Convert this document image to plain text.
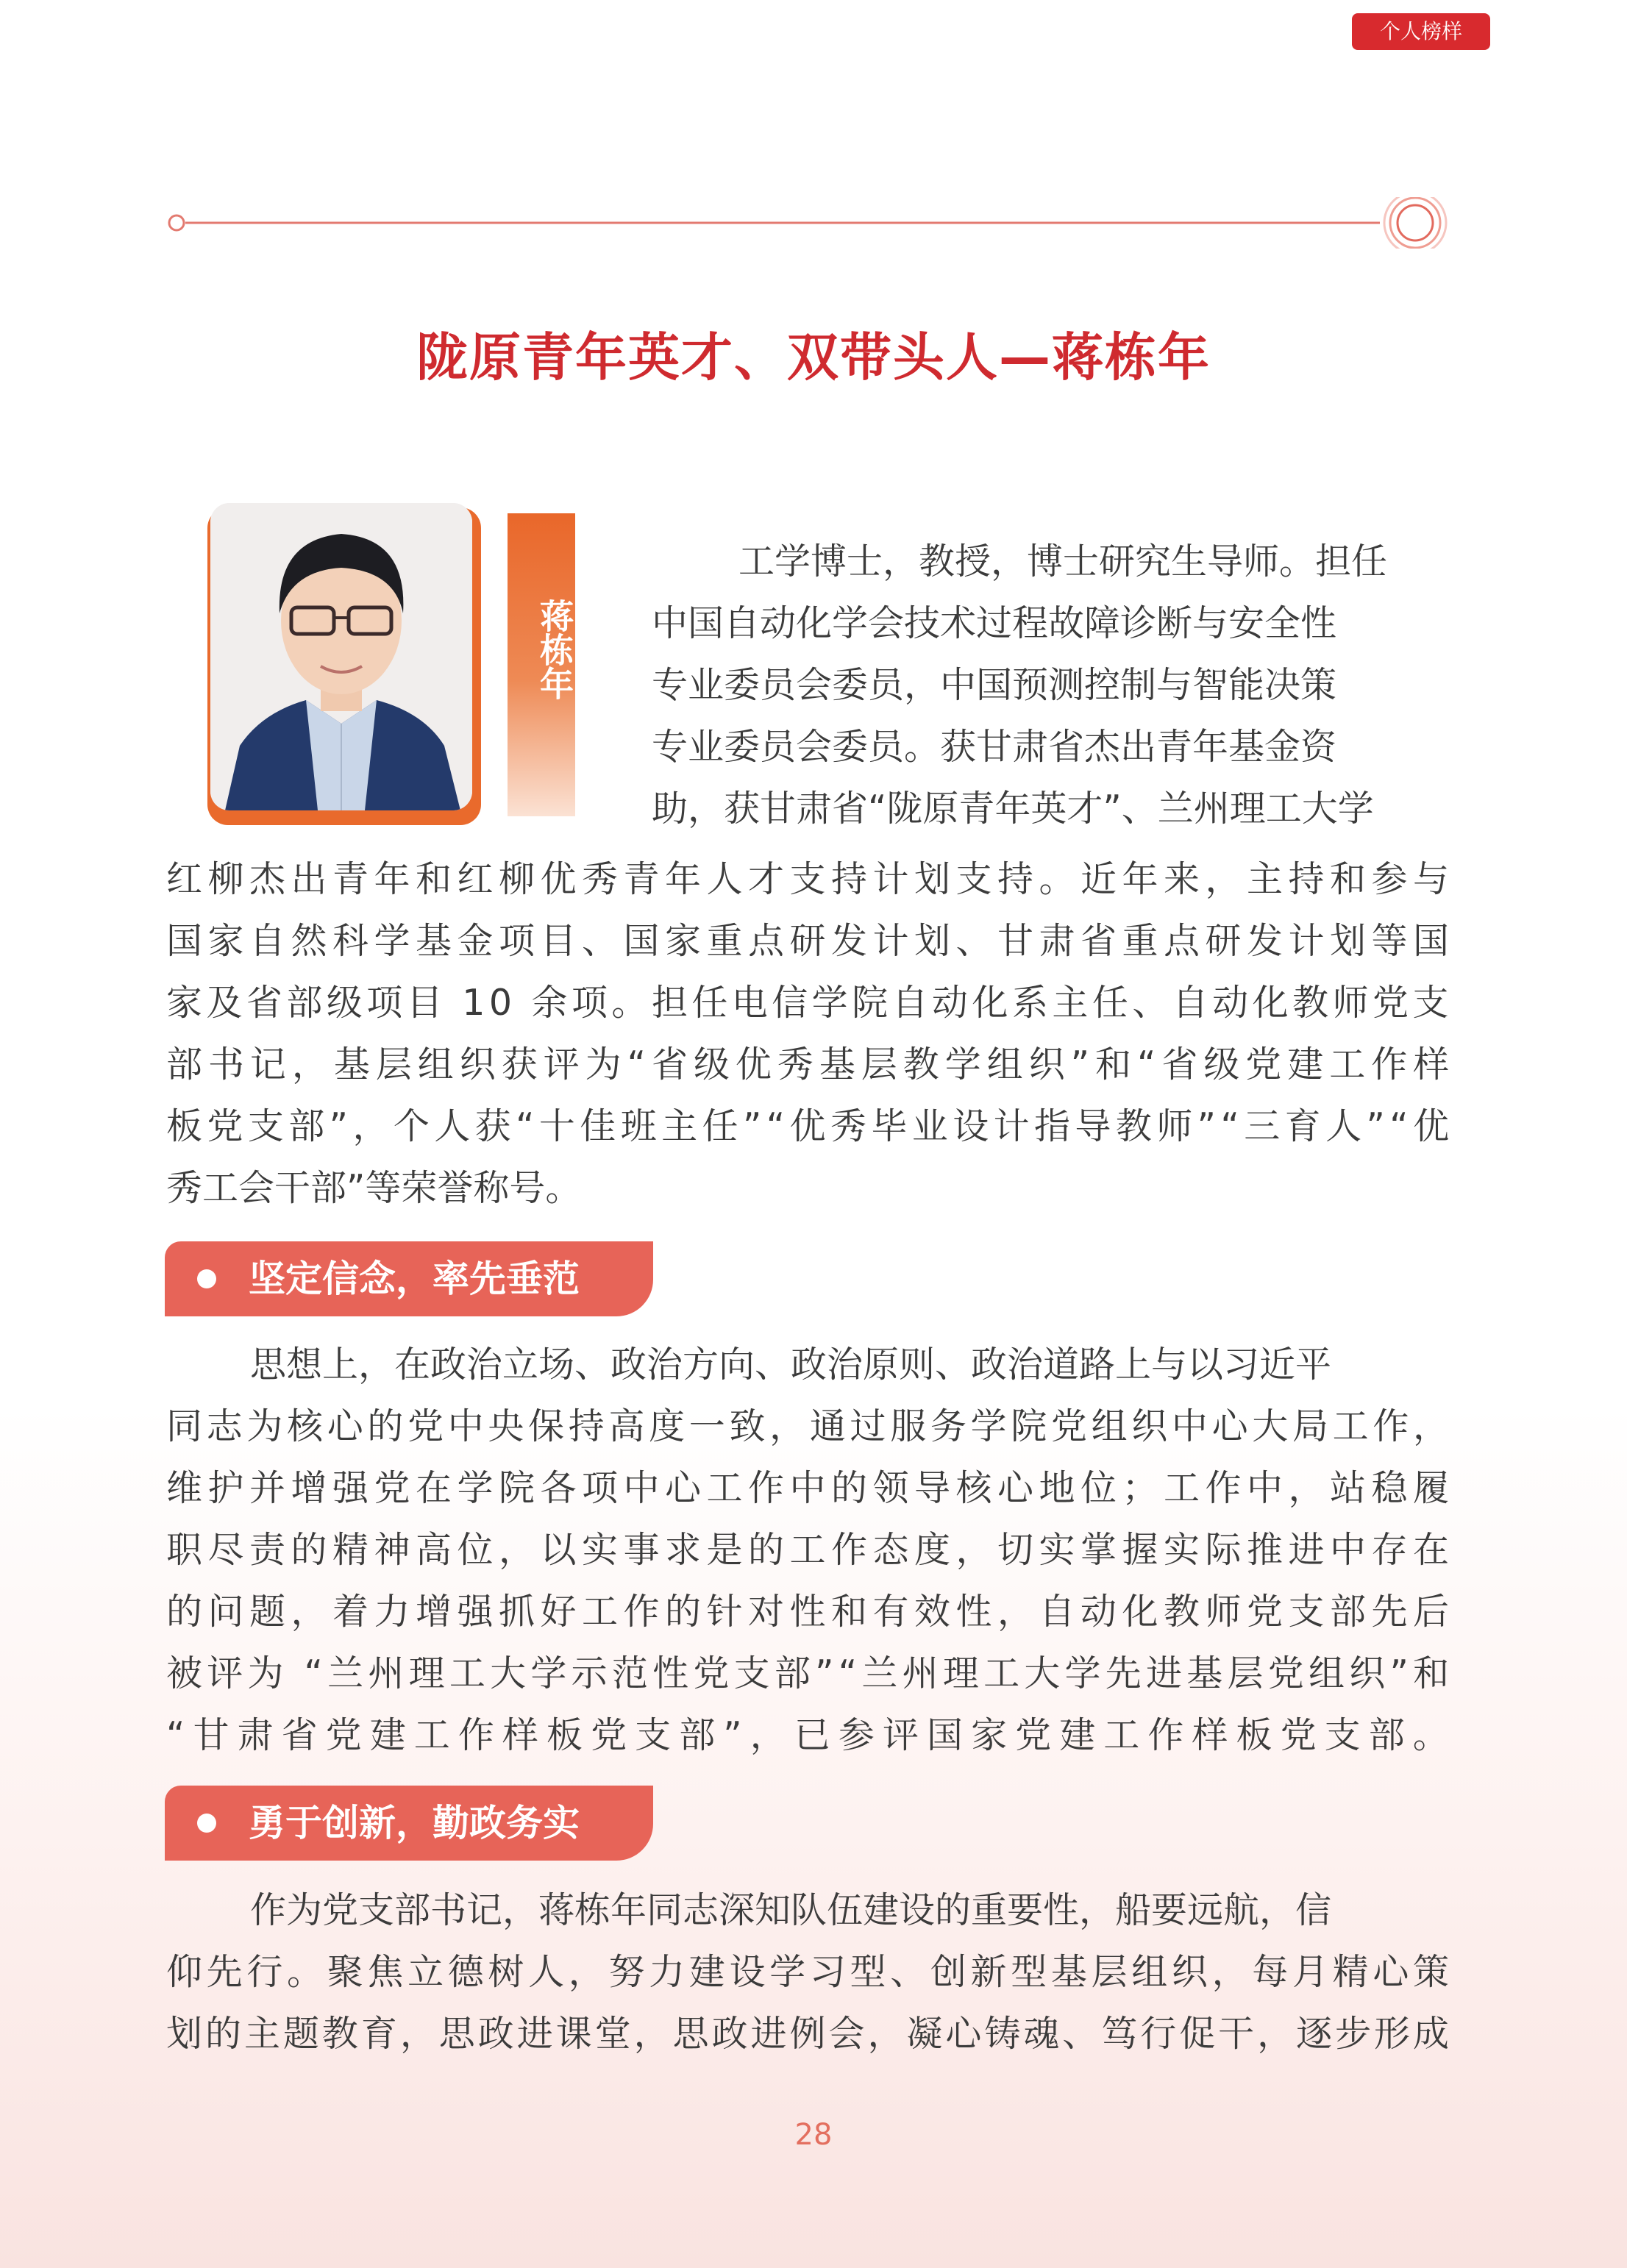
个人榜样
陇原青年英才、双带头人—蒋栋年
蒋栋年
工学博士，教授，博士研究生导师。担任
中国自动化学会技术过程故障诊断与安全性
专业委员会委员，中国预测控制与智能决策
专业委员会委员。获甘肃省杰出青年基金资
助，获甘肃省“陇原青年英才”、兰州理工大学
红柳杰出青年和红柳优秀青年人才支持计划支持。近年来，主持和参与
国家自然科学基金项目、国家重点研发计划、甘肃省重点研发计划等国
家及省部级项目 10 余项。担任电信学院自动化系主任、自动化教师党支
部书记，基层组织获评为“省级优秀基层教学组织”和“省级党建工作样
板党支部”，个人获“十佳班主任”“优秀毕业设计指导教师”“三育人”“优
秀工会干部”等荣誉称号。
坚定信念，率先垂范
思想上，在政治立场、政治方向、政治原则、政治道路上与以习近平
同志为核心的党中央保持高度一致，通过服务学院党组织中心大局工作，
维护并增强党在学院各项中心工作中的领导核心地位；工作中，站稳履
职尽责的精神高位，以实事求是的工作态度，切实掌握实际推进中存在
的问题，着力增强抓好工作的针对性和有效性，自动化教师党支部先后
被评为 “兰州理工大学示范性党支部”“兰州理工大学先进基层党组织”和
“甘肃省党建工作样板党支部”，已参评国家党建工作样板党支部。
勇于创新，勤政务实
作为党支部书记，蒋栋年同志深知队伍建设的重要性，船要远航，信
仰先行。聚焦立德树人，努力建设学习型、创新型基层组织，每月精心策
划的主题教育，思政进课堂，思政进例会，凝心铸魂、笃行促干，逐步形成
28
